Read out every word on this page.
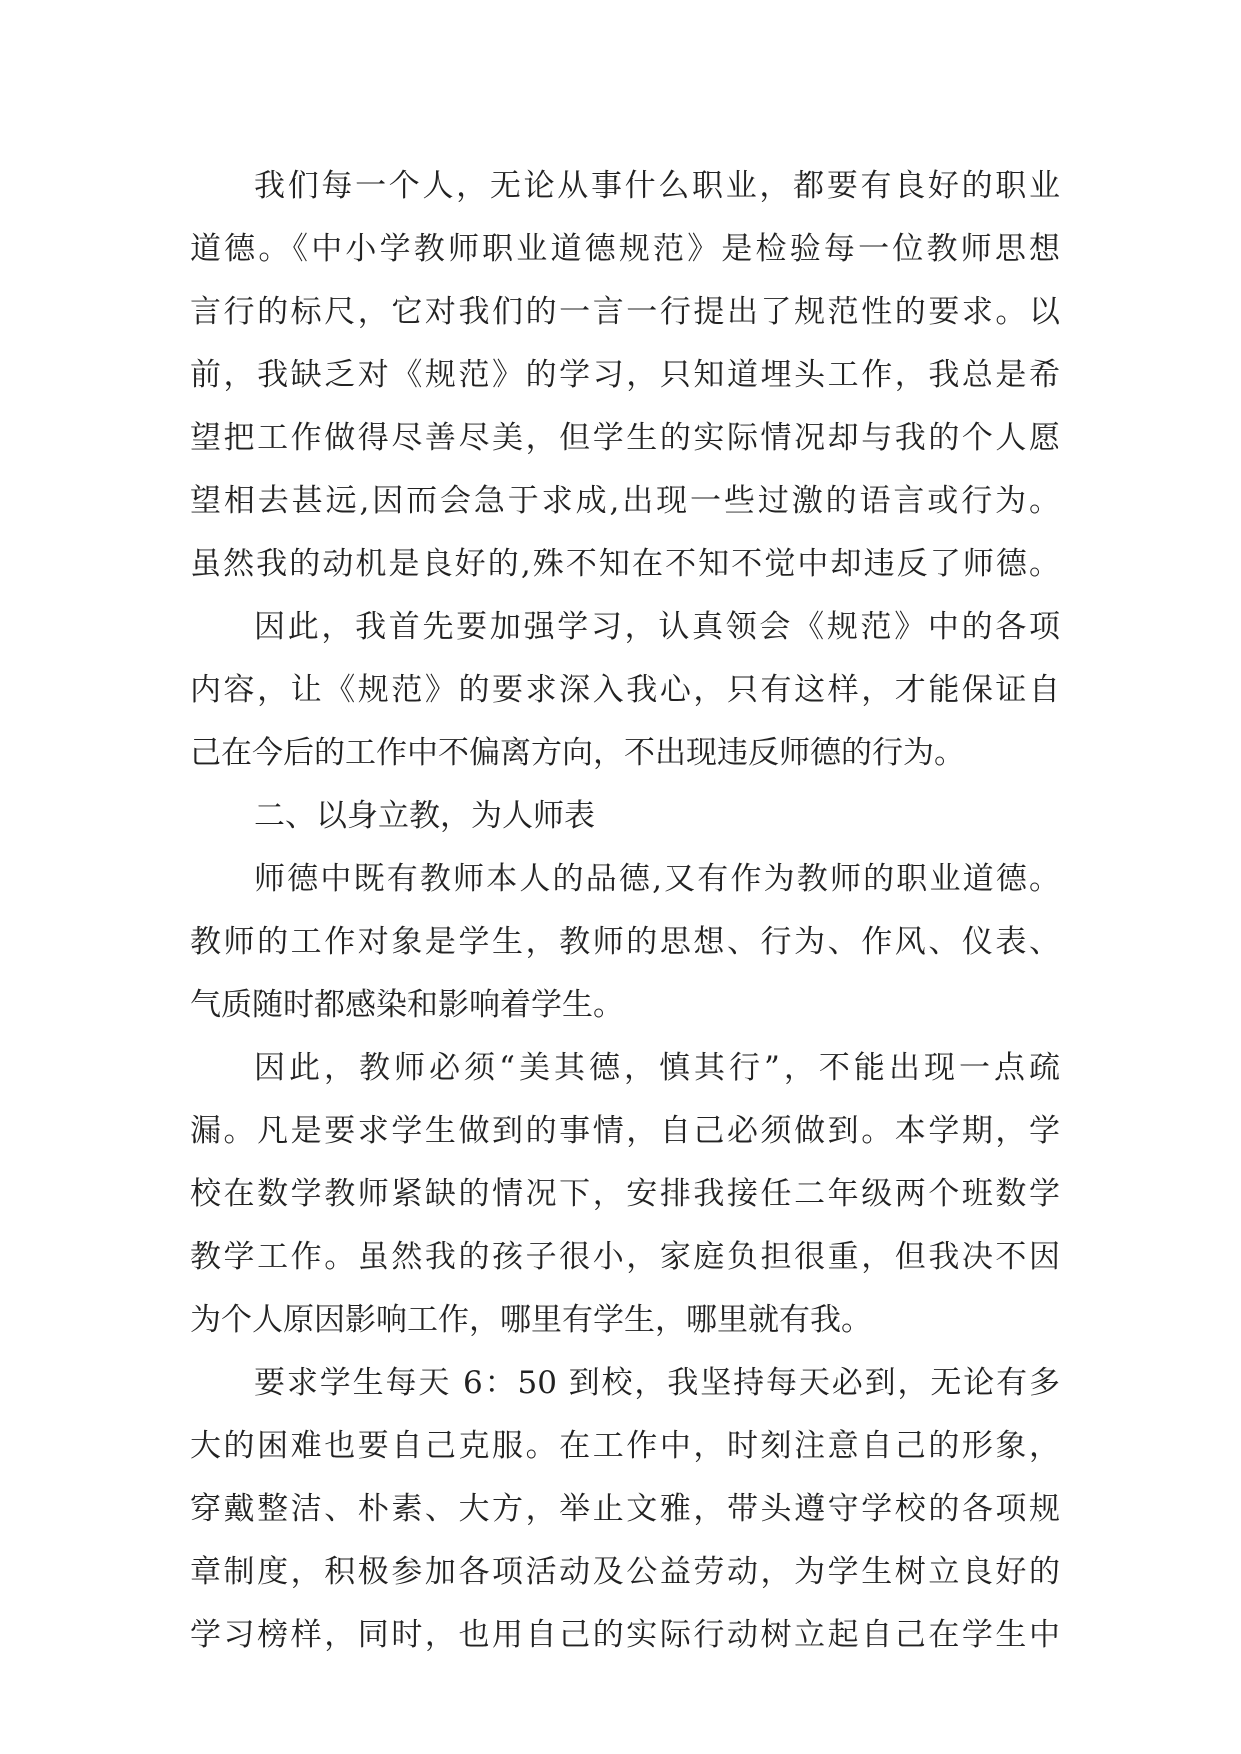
我们每一个人，无论从事什么职业，都要有良好的职业
道德。《中小学教师职业道德规范》是检验每一位教师思想
言行的标尺，它对我们的一言一行提出了规范性的要求。以
前，我缺乏对《规范》的学习，只知道埋头工作，我总是希
望把工作做得尽善尽美，但学生的实际情况却与我的个人愿
望相去甚远,因而会急于求成,出现一些过激的语言或行为。
虽然我的动机是良好的,殊不知在不知不觉中却违反了师德。
因此，我首先要加强学习，认真领会《规范》中的各项
内容，让《规范》的要求深入我心，只有这样，才能保证自
己在今后的工作中不偏离方向，不出现违反师德的行为。
二、以身立教，为人师表
师德中既有教师本人的品德,又有作为教师的职业道德。
教师的工作对象是学生，教师的思想、行为、作风、仪表、
气质随时都感染和影响着学生。
因此，教师必须“美其德，慎其行”，不能出现一点疏
漏。凡是要求学生做到的事情，自己必须做到。本学期，学
校在数学教师紧缺的情况下，安排我接任二年级两个班数学
教学工作。虽然我的孩子很小，家庭负担很重，但我决不因
为个人原因影响工作，哪里有学生，哪里就有我。
要求学生每天 6：50 到校，我坚持每天必到，无论有多
大的困难也要自己克服。在工作中，时刻注意自己的形象，
穿戴整洁、朴素、大方，举止文雅，带头遵守学校的各项规
章制度，积极参加各项活动及公益劳动，为学生树立良好的
学习榜样，同时，也用自己的实际行动树立起自己在学生中
